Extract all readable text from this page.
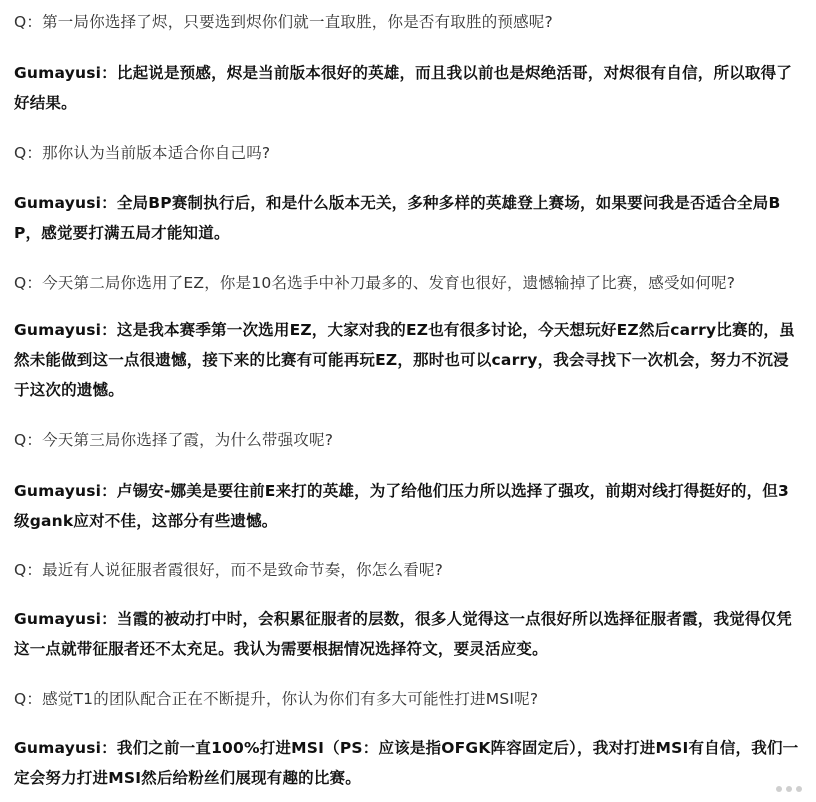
Q：第一局你选择了烬，只要选到烬你们就一直取胜，你是否有取胜的预感呢?

Gumayusi：比起说是预感，烬是当前版本很好的英雄，而且我以前也是烬绝活哥，对烬很有自信，所以取得了好结果。

Q：那你认为当前版本适合你自己吗?

Gumayusi：全局BP赛制执行后，和是什么版本无关，多种多样的英雄登上赛场，如果要问我是否适合全局BP，感觉要打满五局才能知道。

Q：今天第二局你选用了EZ，你是10名选手中补刀最多的、发育也很好，遗憾输掉了比赛，感受如何呢?

Gumayusi：这是我本赛季第一次选用EZ，大家对我的EZ也有很多讨论，今天想玩好EZ然后carry比赛的，虽然未能做到这一点很遗憾，接下来的比赛有可能再玩EZ，那时也可以carry，我会寻找下一次机会，努力不沉浸于这次的遗憾。

Q：今天第三局你选择了霞，为什么带强攻呢?

Gumayusi：卢锡安-娜美是要往前E来打的英雄，为了给他们压力所以选择了强攻，前期对线打得挺好的，但3级gank应对不佳，这部分有些遗憾。

Q：最近有人说征服者霞很好，而不是致命节奏，你怎么看呢?

Gumayusi：当霞的被动打中时，会积累征服者的层数，很多人觉得这一点很好所以选择征服者霞，我觉得仅凭这一点就带征服者还不太充足。我认为需要根据情况选择符文，要灵活应变。

Q：感觉T1的团队配合正在不断提升，你认为你们有多大可能性打进MSI呢?

Gumayusi：我们之前一直100%打进MSI（PS：应该是指OFGK阵容固定后），我对打进MSI有自信，我们一定会努力打进MSI然后给粉丝们展现有趣的比赛。
